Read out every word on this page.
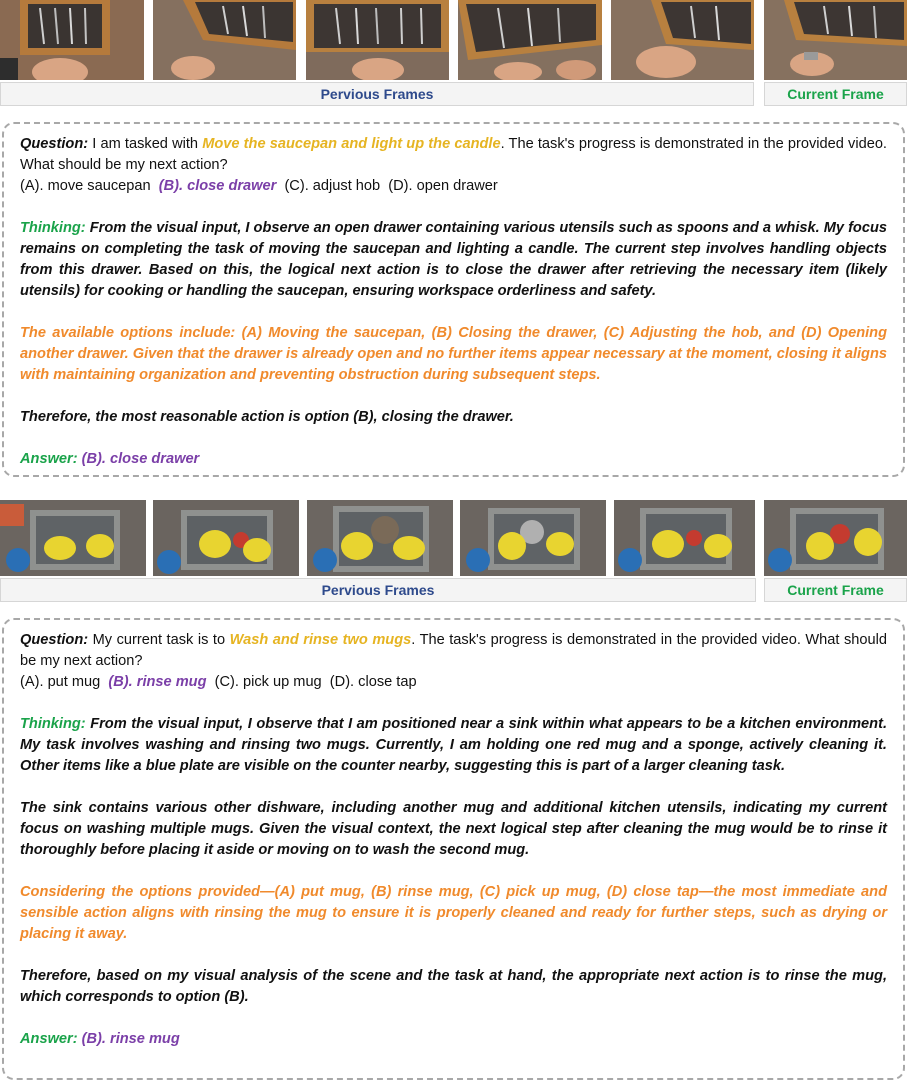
Pervious Frames	Current Frame

Question: I am tasked with Move the saucepan and light up the candle. The task's progress is demonstrated in the provided video. What should be my next action?

(A). move saucepan (B). close drawer (C). adjust hob (D). open drawer

Thinking: From the visual input, I observe an open drawer containing various utensils such as spoons and a whisk. My focus remains on completing the task of moving the saucepan and lighting a candle. The current step involves handling objects from this drawer. Based on this, the logical next action is to close the drawer after retrieving the necessary item (likely utensils) for cooking or handling the saucepan, ensuring workspace orderliness and safety.

The available options include: (A) Moving the saucepan, (B) Closing the drawer, (C) Adjusting the hob, and (D) Opening another drawer. Given that the drawer is already open and no further items appear necessary at the moment, closing it aligns with maintaining organization and preventing obstruction during subsequent steps.

Therefore, the most reasonable action is option (B), closing the drawer.

Answer: (B). close drawer

Pervious Frames	Current Frame

Question: My current task is to Wash and rinse two mugs. The task's progress is demonstrated in the provided video. What should be my next action?

(A). put mug (B). rinse mug (C). pick up mug (D). close tap

Thinking: From the visual input, I observe that I am positioned near a sink within what appears to be a kitchen environment. My task involves washing and rinsing two mugs. Currently, I am holding one red mug and a sponge, actively cleaning it. Other items like a blue plate are visible on the counter nearby, suggesting this is part of a larger cleaning task.

The sink contains various other dishware, including another mug and additional kitchen utensils, indicating my current focus on washing multiple mugs. Given the visual context, the next logical step after cleaning the mug would be to rinse it thoroughly before placing it aside or moving on to wash the second mug.

Considering the options provided—(A) put mug, (B) rinse mug, (C) pick up mug, (D) close tap—the most immediate and sensible action aligns with rinsing the mug to ensure it is properly cleaned and ready for further steps, such as drying or placing it away.

Therefore, based on my visual analysis of the scene and the task at hand, the appropriate next action is to rinse the mug, which corresponds to option (B).

Answer: (B). rinse mug
